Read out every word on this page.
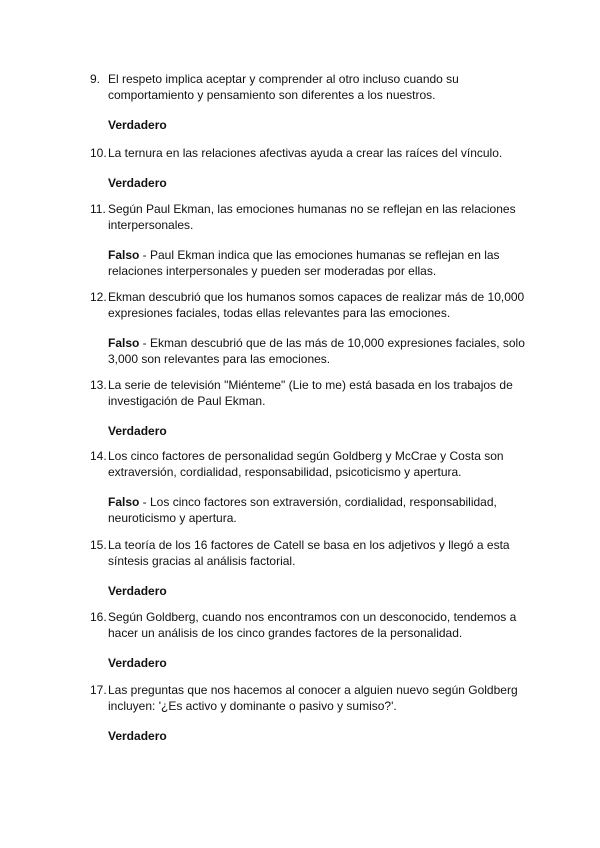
9. El respeto implica aceptar y comprender al otro incluso cuando su comportamiento y pensamiento son diferentes a los nuestros.
Verdadero
10. La ternura en las relaciones afectivas ayuda a crear las raíces del vínculo.
Verdadero
11. Según Paul Ekman, las emociones humanas no se reflejan en las relaciones interpersonales.
Falso - Paul Ekman indica que las emociones humanas se reflejan en las relaciones interpersonales y pueden ser moderadas por ellas.
12. Ekman descubrió que los humanos somos capaces de realizar más de 10,000 expresiones faciales, todas ellas relevantes para las emociones.
Falso - Ekman descubrió que de las más de 10,000 expresiones faciales, solo 3,000 son relevantes para las emociones.
13. La serie de televisión "Miénteme" (Lie to me) está basada en los trabajos de investigación de Paul Ekman.
Verdadero
14. Los cinco factores de personalidad según Goldberg y McCrae y Costa son extraversión, cordialidad, responsabilidad, psicoticismo y apertura.
Falso - Los cinco factores son extraversión, cordialidad, responsabilidad, neuroticismo y apertura.
15. La teoría de los 16 factores de Catell se basa en los adjetivos y llegó a esta síntesis gracias al análisis factorial.
Verdadero
16. Según Goldberg, cuando nos encontramos con un desconocido, tendemos a hacer un análisis de los cinco grandes factores de la personalidad.
Verdadero
17. Las preguntas que nos hacemos al conocer a alguien nuevo según Goldberg incluyen: '¿Es activo y dominante o pasivo y sumiso?'.
Verdadero
